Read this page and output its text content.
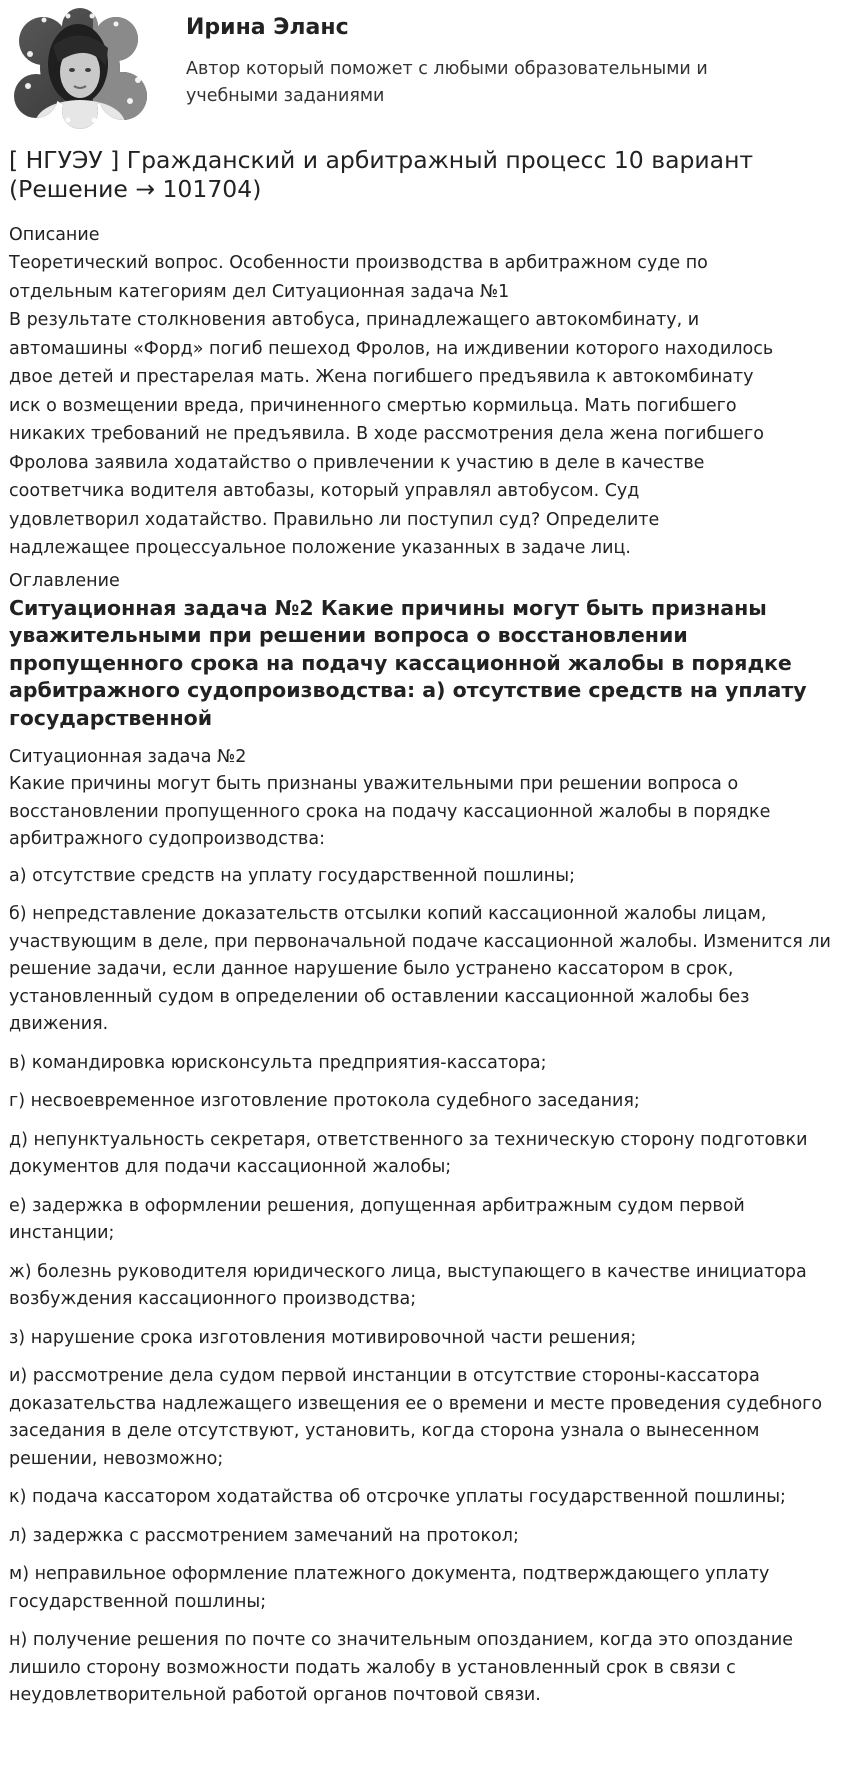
Ирина Эланс
Автор который поможет с любыми образовательными и учебными заданиями
[ НГУЭУ ] Гражданский и арбитражный процесс 10 вариант (Решение → 101704)
Описание
Теоретический вопрос. Особенности производства в арбитражном суде по
отдельным категориям дел Ситуационная задача №1
В результате столкновения автобуса, принадлежащего автокомбинату, и
автомашины «Форд» погиб пешеход Фролов, на иждивении которого находилось
двое детей и престарелая мать. Жена погибшего предъявила к автокомбинату
иск о возмещении вреда, причиненного смертью кормильца. Мать погибшего
никаких требований не предъявила. В ходе рассмотрения дела жена погибшего
Фролова заявила ходатайство о привлечении к участию в деле в качестве
соответчика водителя автобазы, который управлял автобусом. Суд
удовлетворил ходатайство. Правильно ли поступил суд? Определите
надлежащее процессуальное положение указанных в задаче лиц.
Оглавление
Ситуационная задача №2 Какие причины могут быть признаны уважительными при решении вопроса о восстановлении пропущенного срока на подачу кассационной жалобы в порядке арбитражного судопроизводства: а) отсутствие средств на уплату государственной
Ситуационная задача №2

Какие причины могут быть признаны уважительными при решении вопроса о восстановлении пропущенного срока на подачу кассационной жалобы в порядке арбитражного судопроизводства:

а) отсутствие средств на уплату государственной пошлины;

б) непредставление доказательств отсылки копий кассационной жалобы лицам, участвующим в деле, при первоначальной подаче кассационной жалобы. Изменится ли решение задачи, если данное нарушение было устранено кассатором в срок, установленный судом в определении об оставлении кассационной жалобы без движения.

в) командировка юрисконсульта предприятия-кассатора;

г) несвоевременное изготовление протокола судебного заседания;

д) непунктуальность секретаря, ответственного за техническую сторону подготовки документов для подачи кассационной жалобы;

е) задержка в оформлении решения, допущенная арбитражным судом первой инстанции;

ж) болезнь руководителя юридического лица, выступающего в качестве инициатора возбуждения кассационного производства;

з) нарушение срока изготовления мотивировочной части решения;

и) рассмотрение дела судом первой инстанции в отсутствие стороны-кассатора доказательства надлежащего извещения ее о времени и месте проведения судебного заседания в деле отсутствуют, установить, когда сторона узнала о вынесенном решении, невозможно;

к) подача кассатором ходатайства об отсрочке уплаты государственной пошлины;

л) задержка с рассмотрением замечаний на протокол;

м) неправильное оформление платежного документа, подтверждающего уплату государственной пошлины;

н) получение решения по почте со значительным опозданием, когда это опоздание лишило сторону возможности подать жалобу в установленный срок в связи с неудовлетворительной работой органов почтовой связи.
